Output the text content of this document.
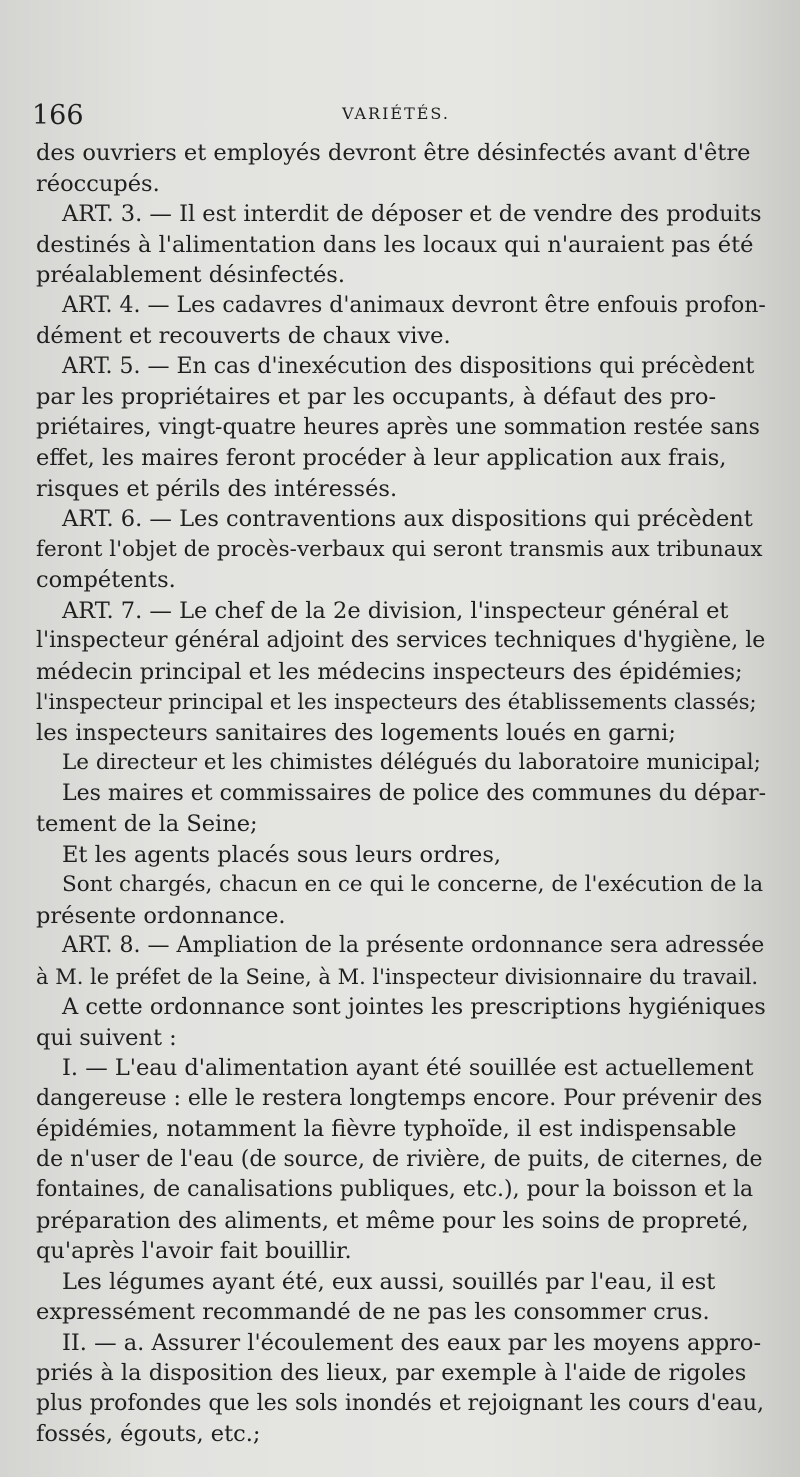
166	VARIÉTÉS.
des ouvriers et employés devront être désinfectés avant d'être
réoccupés.
ART. 3. — Il est interdit de déposer et de vendre des produits
destinés à l'alimentation dans les locaux qui n'auraient pas été
préalablement désinfectés.
ART. 4. — Les cadavres d'animaux devront être enfouis profon-
dément et recouverts de chaux vive.
ART. 5. — En cas d'inexécution des dispositions qui précèdent
par les propriétaires et par les occupants, à défaut des pro-
priétaires, vingt-quatre heures après une sommation restée sans
effet, les maires feront procéder à leur application aux frais,
risques et périls des intéressés.
ART. 6. — Les contraventions aux dispositions qui précèdent
feront l'objet de procès-verbaux qui seront transmis aux tribunaux
compétents.
ART. 7. — Le chef de la 2e division, l'inspecteur général et
l'inspecteur général adjoint des services techniques d'hygiène, le
médecin principal et les médecins inspecteurs des épidémies;
l'inspecteur principal et les inspecteurs des établissements classés;
les inspecteurs sanitaires des logements loués en garni;
Le directeur et les chimistes délégués du laboratoire municipal;
Les maires et commissaires de police des communes du dépar-
tement de la Seine;
Et les agents placés sous leurs ordres,
Sont chargés, chacun en ce qui le concerne, de l'exécution de la
présente ordonnance.
ART. 8. — Ampliation de la présente ordonnance sera adressée
à M. le préfet de la Seine, à M. l'inspecteur divisionnaire du travail.
A cette ordonnance sont jointes les prescriptions hygiéniques
qui suivent :
I. — L'eau d'alimentation ayant été souillée est actuellement
dangereuse : elle le restera longtemps encore. Pour prévenir des
épidémies, notamment la fièvre typhoïde, il est indispensable
de n'user de l'eau (de source, de rivière, de puits, de citernes, de
fontaines, de canalisations publiques, etc.), pour la boisson et la
préparation des aliments, et même pour les soins de propreté,
qu'après l'avoir fait bouillir.
Les légumes ayant été, eux aussi, souillés par l'eau, il est
expressément recommandé de ne pas les consommer crus.
II. — a. Assurer l'écoulement des eaux par les moyens appro-
priés à la disposition des lieux, par exemple à l'aide de rigoles
plus profondes que les sols inondés et rejoignant les cours d'eau,
fossés, égouts, etc.;
